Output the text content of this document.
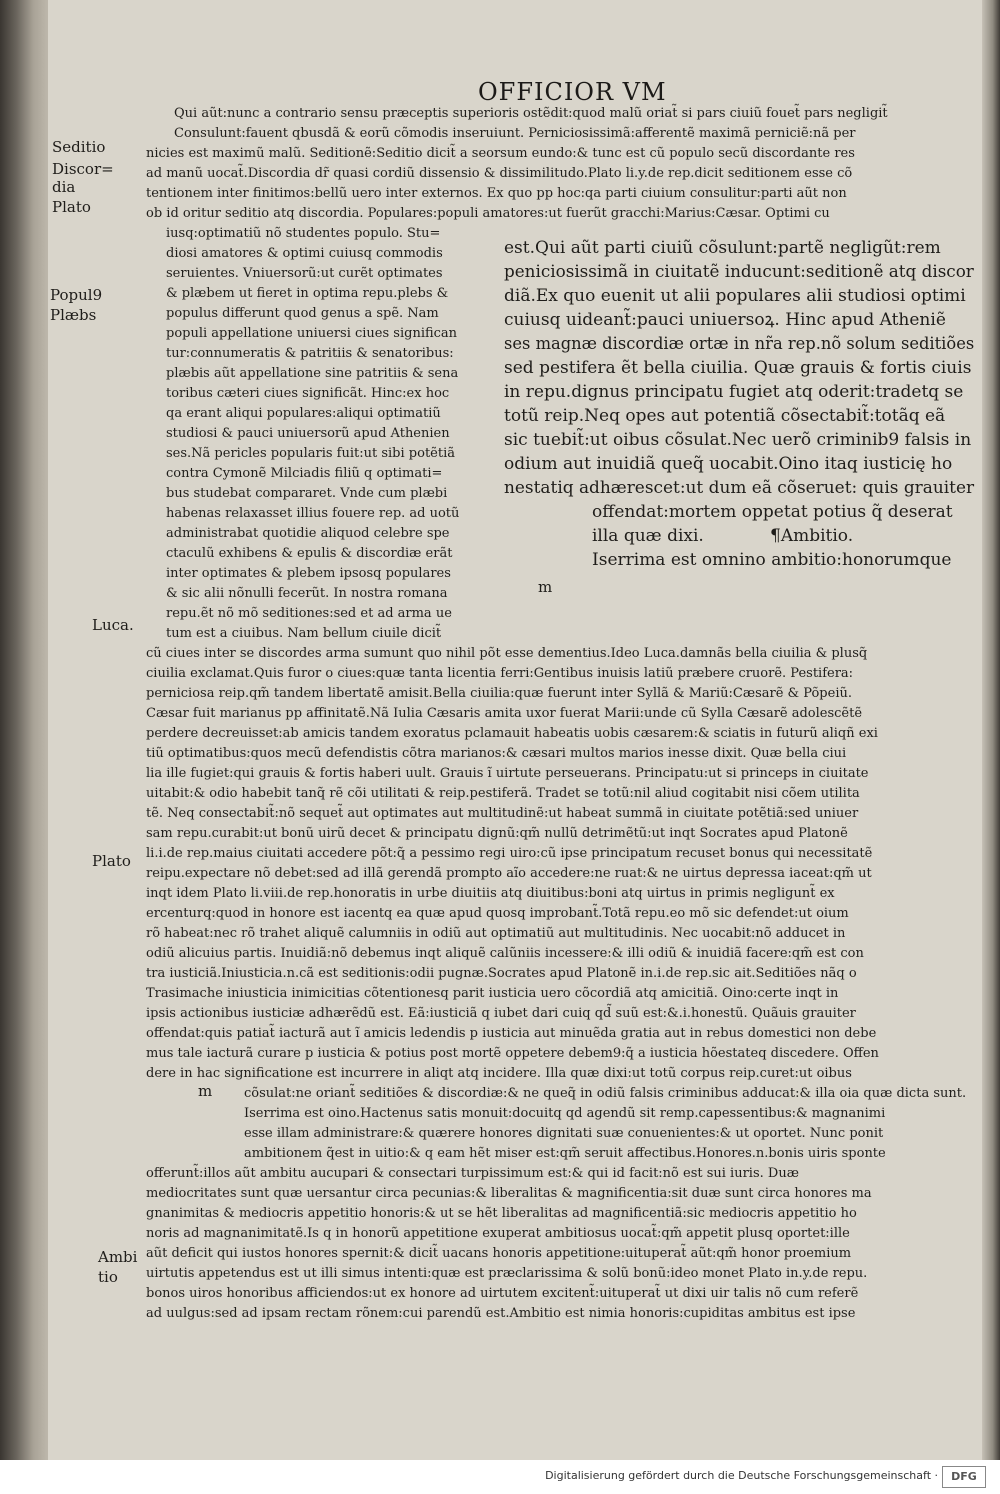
OFFICIOR VM
Seditio
Discor=
dia
Plato
Popul9
Plæbs
Luca.
Plato
m
m
Ambi
tio
Qui aũt:nunc a contrario sensu præceptis superioris ostẽdit:quod malũ oriat̃ si pars ciuiũ fouet̃ pars negligit̃
Consulunt:fauent qbusdã & eorũ cõmodis inseruiunt. Perniciosissimã:afferentẽ maximã perniciẽ:nã per
nicies est maximũ malũ. Seditionẽ:Seditio dicit̃ a seorsum eundo:& tunc est cũ populo secũ discordante res
ad manũ uocat̃.Discordia dr̃ quasi cordiũ dissensio & dissimilitudo.Plato li.y.de rep.dicit seditionem esse cõ
tentionem inter finitimos:bellũ uero inter externos. Ex quo pp hoc:qa parti ciuium consulitur:parti aũt non
ob id oritur seditio atq discordia. Populares:populi amatores:ut fuerũt gracchi:Marius:Cæsar. Optimi cu
iusq:optimatiũ nõ studentes populo. Stu=
diosi amatores & optimi cuiusq commodis
seruientes. Vniuersorũ:ut curẽt optimates
& plæbem ut fieret in optima repu.plebs &
populus differunt quod genus a spẽ. Nam
populi appellatione uniuersi ciues significan
tur:connumeratis & patritiis & senatoribus:
plæbis aũt appellatione sine patritiis & sena
toribus cæteri ciues significãt. Hinc:ex hoc
qa erant aliqui populares:aliqui optimatiũ
studiosi & pauci uniuersorũ apud Athenien
ses.Nã pericles popularis fuit:ut sibi potẽtiã
contra Cymonẽ Milciadis filiũ q optimati=
bus studebat compararet. Vnde cum plæbi
habenas relaxasset illius fouere rep. ad uotũ
administrabat quotidie aliquod celebre spe
ctaculũ exhibens & epulis & discordiæ erãt
inter optimates & plebem ipsosq populares
& sic alii nõnulli fecerũt. In nostra romana
repu.ẽt nõ mõ seditiones:sed et ad arma ue
tum est a ciuibus. Nam bellum ciuile dicit̃
est.Qui aũt parti ciuiũ cõsulunt:partẽ negligũt:rem
peniciosissimã in ciuitatẽ inducunt:seditionẽ atq discor
diã.Ex quo euenit ut alii populares alii studiosi optimi
cuiusq uideant̃:pauci uniuersoꝝ. Hinc apud Atheniẽ
ses magnæ discordiæ ortæ in nr̃a rep.nõ solum seditiões
sed pestifera ẽt bella ciuilia. Quæ grauis & fortis ciuis
in repu.dignus principatu fugiet atq oderit:tradetq se
totũ reip.Neq opes aut potentiã cõsectabit̃:totãq eã
sic tuebit̃:ut oibus cõsulat.Nec uerõ criminib9 falsis in
odium aut inuidiã queq̃ uocabit.Oino itaq iusticię ho
nestatiq adhærescet:ut dum eã cõseruet: quis grauiter
offendat:mortem oppetat potius q̃ deserat
illa quæ dixi.	¶Ambitio.
Iserrima est omnino ambitio:honorumque
cũ ciues inter se discordes arma sumunt quo nihil põt esse dementius.Ideo Luca.damnãs bella ciuilia & plusq̃
ciuilia exclamat.Quis furor o ciues:quæ tanta licentia ferri:Gentibus inuisis latiũ præbere cruorẽ. Pestifera:
perniciosa reip.qm̃ tandem libertatẽ amisit.Bella ciuilia:quæ fuerunt inter Syllã & Mariũ:Cæsarẽ & Põpeiũ.
Cæsar fuit marianus pp affinitatẽ.Nã Iulia Cæsaris amita uxor fuerat Marii:unde cũ Sylla Cæsarẽ adolescẽtẽ
perdere decreuisset:ab amicis tandem exoratus pclamauit habeatis uobis cæsarem:& sciatis in futurũ aliqñ exi
tiũ optimatibus:quos mecũ defendistis cõtra marianos:& cæsari multos marios inesse dixit. Quæ bella ciui
lia ille fugiet:qui grauis & fortis haberi uult. Grauis ĩ uirtute perseuerans. Principatu:ut si princeps in ciuitate
uitabit:& odio habebit tanq̃ rẽ cõi utilitati & reip.pestiferã. Tradet se totũ:nil aliud cogitabit nisi cõem utilita
tẽ. Neq consectabit̃:nõ sequet̃ aut optimates aut multitudinẽ:ut habeat summã in ciuitate potẽtiã:sed uniuer
sam repu.curabit:ut bonũ uirũ decet & principatu dignũ:qm̃ nullũ detrimẽtũ:ut inqt Socrates apud Platonẽ
li.i.de rep.maius ciuitati accedere põt:q̃ a pessimo regi uiro:cũ ipse principatum recuset bonus qui necessitatẽ
reipu.expectare nõ debet:sed ad illã gerendã prompto aĩo accedere:ne ruat:& ne uirtus depressa iaceat:qm̃ ut
inqt idem Plato li.viii.de rep.honoratis in urbe diuitiis atq diuitibus:boni atq uirtus in primis negligunt̃ ex
ercenturq:quod in honore est iacentq ea quæ apud quosq improbant̃.Totã repu.eo mõ sic defendet:ut oium
rõ habeat:nec rõ trahet aliquẽ calumniis in odiũ aut optimatiũ aut multitudinis. Nec uocabit:nõ adducet in
odiũ alicuius partis. Inuidiã:nõ debemus inqt aliquẽ calũniis incessere:& illi odiũ & inuidiã facere:qm̃ est con
tra iusticiã.Iniusticia.n.cã est seditionis:odii pugnæ.Socrates apud Platonẽ in.i.de rep.sic ait.Seditiões nãq o
Trasimache iniusticia inimicitias cõtentionesq parit iusticia uero cõcordiã atq amicitiã. Oino:certe inqt in
ipsis actionibus iusticiæ adhærẽdũ est. Eã:iusticiã q iubet dari cuiq qd̃ suũ est:&.i.honestũ. Quãuis grauiter
offendat:quis patiat̃ iacturã aut ĩ amicis ledendis p iusticia aut minuẽda gratia aut in rebus domestici non debe
mus tale iacturã curare p iusticia & potius post mortẽ oppetere debem9:q̃ a iusticia hõestateq discedere. Offen
dere in hac significatione est incurrere in aliqt atq incidere. Illa quæ dixi:ut totũ corpus reip.curet:ut oibus
cõsulat:ne oriant̃ seditiões & discordiæ:& ne queq̃ in odiũ falsis criminibus adducat:& illa oia quæ dicta sunt.
Iserrima est oino.Hactenus satis monuit:docuitq qd agendũ sit remp.capessentibus:& magnanimi
esse illam administrare:& quærere honores dignitati suæ conuenientes:& ut oportet. Nunc ponit
ambitionem q̃est in uitio:& q eam hẽt miser est:qm̃ seruit affectibus.Honores.n.bonis uiris sponte
offerunt̃:illos aũt ambitu aucupari & consectari turpissimum est:& qui id facit:nõ est sui iuris. Duæ
mediocritates sunt quæ uersantur circa pecunias:& liberalitas & magnificentia:sit duæ sunt circa honores ma
gnanimitas & mediocris appetitio honoris:& ut se hẽt liberalitas ad magnificentiã:sic mediocris appetitio ho
noris ad magnanimitatẽ.Is q in honorũ appetitione exuperat ambitiosus uocat̃:qm̃ appetit plusq oportet:ille
aũt deficit qui iustos honores spernit:& dicit̃ uacans honoris appetitione:uituperat̃ aũt:qm̃ honor proemium
uirtutis appetendus est ut illi simus intenti:quæ est præclarissima & solũ bonũ:ideo monet Plato in.y.de repu.
bonos uiros honoribus afficiendos:ut ex honore ad uirtutem excitent̃:uituperat̃ ut dixi uir talis nõ cum referẽ
ad uulgus:sed ad ipsam rectam rõnem:cui parendũ est.Ambitio est nimia honoris:cupiditas ambitus est ipse
Digitalisierung gefördert durch die Deutsche Forschungsgemeinschaft ·	DFG
